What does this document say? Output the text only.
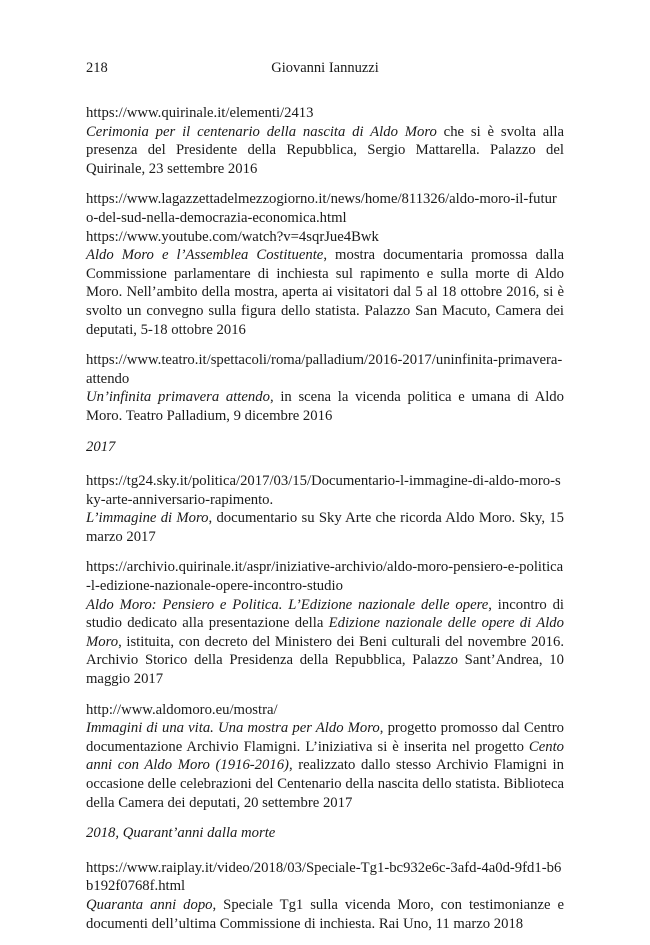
218	Giovanni Iannuzzi
https://www.quirinale.it/elementi/2413
Cerimonia per il centenario della nascita di Aldo Moro che si è svolta alla presenza del Presidente della Repubblica, Sergio Mattarella. Palazzo del Quirinale, 23 settembre 2016
https://www.lagazzettadelmezzogiorno.it/news/home/811326/aldo-moro-il-futuro-del-sud-nella-democrazia-economica.html
https://www.youtube.com/watch?v=4sqrJue4Bwk
Aldo Moro e l’Assemblea Costituente, mostra documentaria promossa dalla Commissione parlamentare di inchiesta sul rapimento e sulla morte di Aldo Moro. Nell’ambito della mostra, aperta ai visitatori dal 5 al 18 ottobre 2016, si è svolto un convegno sulla figura dello statista. Palazzo San Macuto, Camera dei deputati, 5-18 ottobre 2016
https://www.teatro.it/spettacoli/roma/palladium/2016-2017/uninfinita-primavera-attendo
Un’infinita primavera attendo, in scena la vicenda politica e umana di Aldo Moro. Teatro Palladium, 9 dicembre 2016
2017
https://tg24.sky.it/politica/2017/03/15/Documentario-l-immagine-di-aldo-moro-sky-arte-anniversario-rapimento.
L’immagine di Moro, documentario su Sky Arte che ricorda Aldo Moro. Sky, 15 marzo 2017
https://archivio.quirinale.it/aspr/iniziative-archivio/aldo-moro-pensiero-e-politica-l-edizione-nazionale-opere-incontro-studio
Aldo Moro: Pensiero e Politica. L’Edizione nazionale delle opere, incontro di studio dedicato alla presentazione della Edizione nazionale delle opere di Aldo Moro, istituita, con decreto del Ministero dei Beni culturali del novembre 2016. Archivio Storico della Presidenza della Repubblica, Palazzo Sant’Andrea, 10 maggio 2017
http://www.aldomoro.eu/mostra/
Immagini di una vita. Una mostra per Aldo Moro, progetto promosso dal Centro documentazione Archivio Flamigni. L’iniziativa si è inserita nel progetto Cento anni con Aldo Moro (1916-2016), realizzato dallo stesso Archivio Flamigni in occasione delle celebrazioni del Centenario della nascita dello statista. Biblioteca della Camera dei deputati, 20 settembre 2017
2018, Quarant’anni dalla morte
https://www.raiplay.it/video/2018/03/Speciale-Tg1-bc932e6c-3afd-4a0d-9fd1-b6b192f0768f.html
Quaranta anni dopo, Speciale Tg1 sulla vicenda Moro, con testimonianze e documenti dell’ultima Commissione di inchiesta. Rai Uno, 11 marzo 2018
